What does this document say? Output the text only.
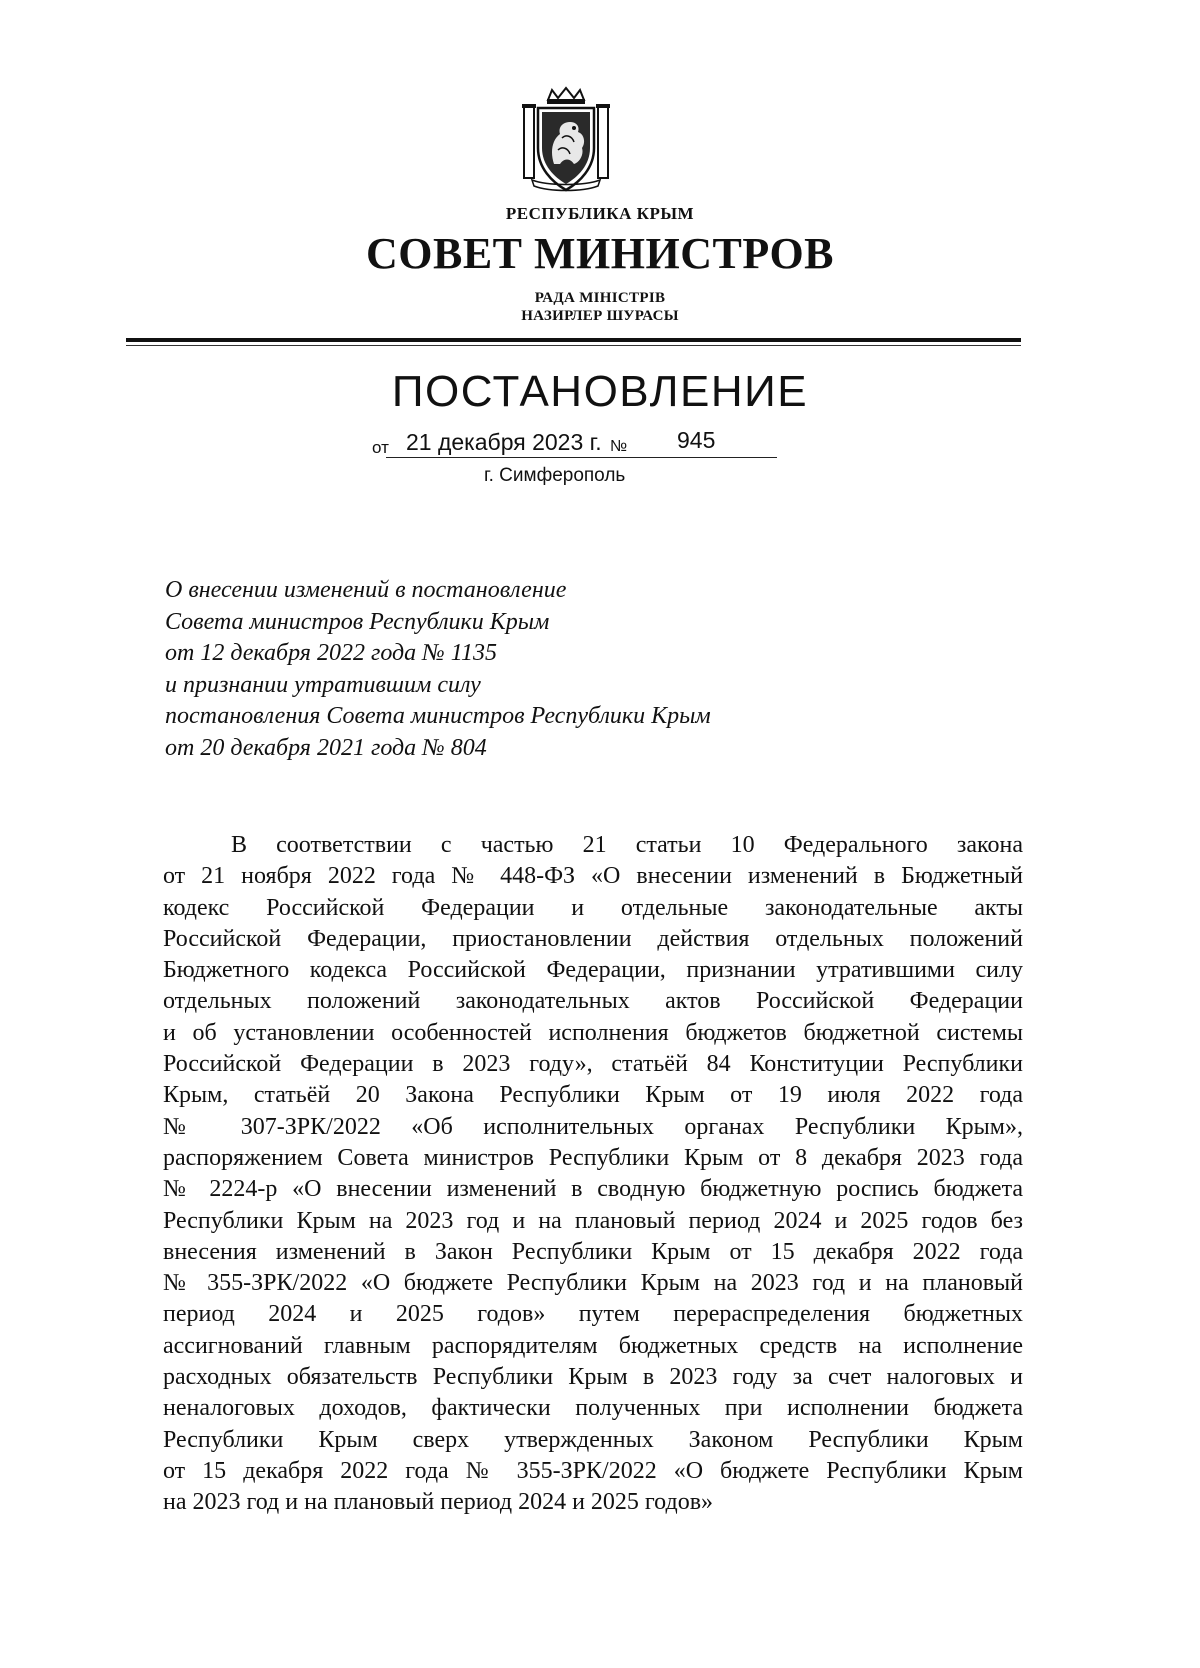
РЕСПУБЛИКА КРЫМ
СОВЕТ МИНИСТРОВ
РАДА МІНІСТРІВ
НАЗИРЛЕР ШУРАСЫ
ПОСТАНОВЛЕНИЕ
от 21 декабря 2023 г. № 945
г. Симферополь
О внесении изменений в постановление
Совета министров Республики Крым
от 12 декабря 2022 года № 1135
и признании утратившим силу
постановления Совета министров Республики Крым
от 20 декабря 2021 года № 804
В соответствии с частью 21 статьи 10 Федерального закона
от 21 ноября 2022 года № 448-ФЗ «О внесении изменений в Бюджетный
кодекс Российской Федерации и отдельные законодательные акты
Российской Федерации, приостановлении действия отдельных положений
Бюджетного кодекса Российской Федерации, признании утратившими силу
отдельных положений законодательных актов Российской Федерации
и об установлении особенностей исполнения бюджетов бюджетной системы
Российской Федерации в 2023 году», статьёй 84 Конституции Республики
Крым, статьёй 20 Закона Республики Крым от 19 июля 2022 года
№ 307-ЗРК/2022 «Об исполнительных органах Республики Крым»,
распоряжением Совета министров Республики Крым от 8 декабря 2023 года
№ 2224-р «О внесении изменений в сводную бюджетную роспись бюджета
Республики Крым на 2023 год и на плановый период 2024 и 2025 годов без
внесения изменений в Закон Республики Крым от 15 декабря 2022 года
№ 355-ЗРК/2022 «О бюджете Республики Крым на 2023 год и на плановый
период 2024 и 2025 годов» путем перераспределения бюджетных
ассигнований главным распорядителям бюджетных средств на исполнение
расходных обязательств Республики Крым в 2023 году за счет налоговых и
неналоговых доходов, фактически полученных при исполнении бюджета
Республики Крым сверх утвержденных Законом Республики Крым
от 15 декабря 2022 года № 355-ЗРК/2022 «О бюджете Республики Крым
на 2023 год и на плановый период 2024 и 2025 годов»
